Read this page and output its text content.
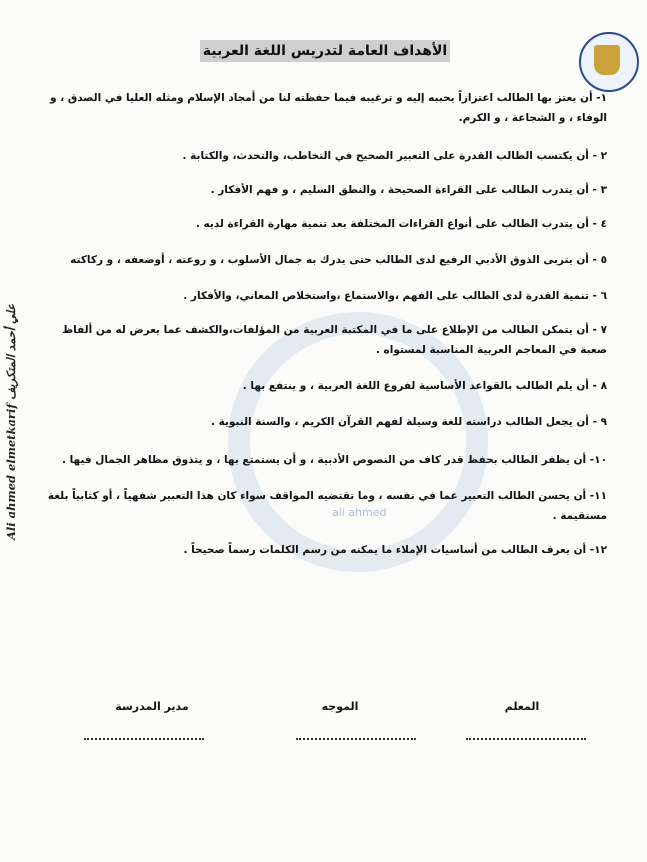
الأهداف العامة لتدريس اللغة العربية
ali ahmed
Ali ahmed elmetkarif علي أحمد المتكريف
١- أن يعتز بها الطالب اعتزازاً يحببه إليه و ترغيبه فيما حفظته لنا من أمجاد الإسلام ومثله العليا في الصدق ، و الوفاء ، و الشجاعة ، و الكرم.
٢ - أن يكتسب الطالب القدرة على التعبير الصحيح في التخاطب، والتحدث، والكتابة .
٣ - أن يتدرب الطالب على القراءة الصحيحة ، والنطق السليم ، و فهم الأفكار .
٤ - أن يتدرب الطالب على أنواع القراءات المختلفة بعد تنمية مهارة القراءة لديه .
٥ - أن يتربى الذوق الأدبي الرفيع لدى الطالب حتى يدرك به جمال الأسلوب ، و روعته ، أوضعفه ، و ركاكته
٦ - تنمية القدرة لدى الطالب على الفهم ،والاستماع ،واستخلاص المعاني، والأفكار .
٧ - أن يتمكن الطالب من الإطلاع على ما في المكتبة العربية من المؤلفات،والكشف عما يعرض له من ألفاظ صعبة في المعاجم العربية المناسبة لمستواه .
٨ - أن يلم الطالب بالقواعد الأساسية لفروع اللغة العربية ، و ينتفع بها .
٩ - أن يجعل الطالب دراسته للغة وسيلة لفهم القرآن الكريم ، والسنة النبوية .
١٠- أن يظفر الطالب بحفظ قدر كاف من النصوص الأدبية ، و أن يستمتع بها ، و يتذوق مظاهر الجمال فيها .
١١- أن يحسن الطالب التعبير عما في نفسه ، وما تقتضيه المواقف سواء كان هذا التعبير شفهياً ، أو كتابياً بلغة مستقيمة .
١٢- أن يعرف الطالب من أساسيات الإملاء ما يمكنه من رسم الكلمات رسماً صحيحاً .
المعلم
الموجه
مدير المدرسة
